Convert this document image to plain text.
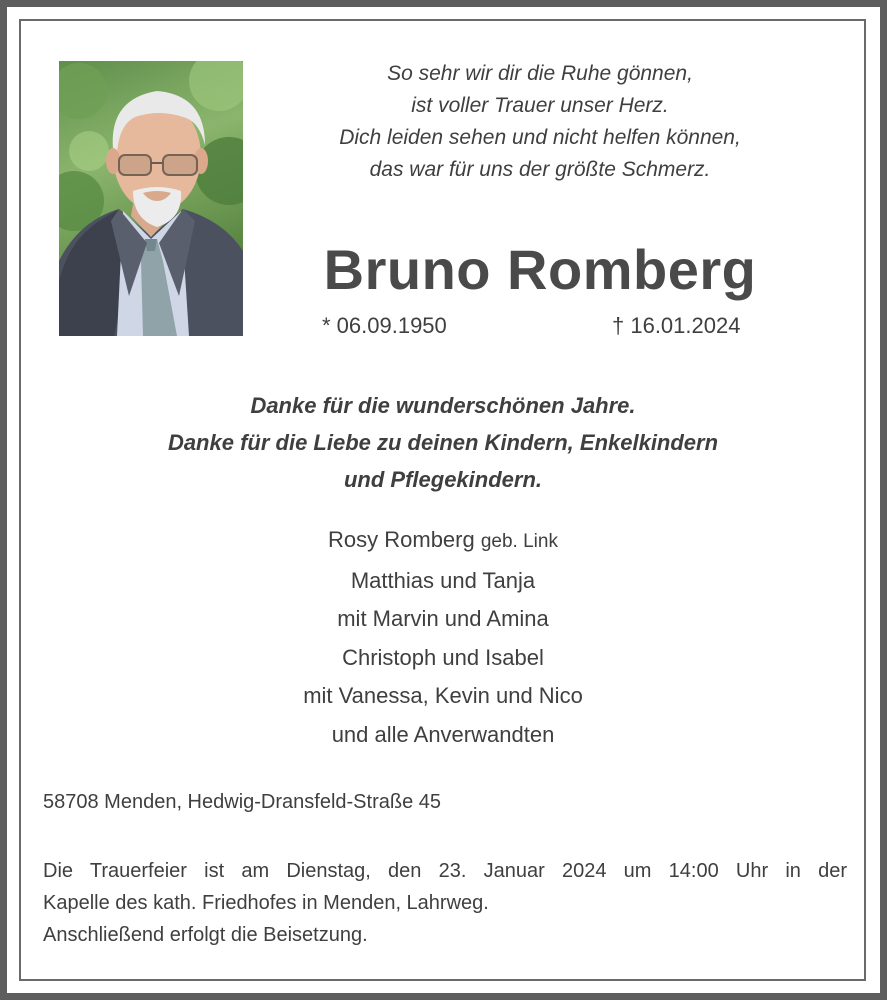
So sehr wir dir die Ruhe gönnen,
ist voller Trauer unser Herz.
Dich leiden sehen und nicht helfen können,
das war für uns der größte Schmerz.
Bruno Romberg
* 06.09.1950	† 16.01.2024
Danke für die wunderschönen Jahre.
Danke für die Liebe zu deinen Kindern, Enkelkindern
und Pflegekindern.
Rosy Romberg geb. Link
Matthias und Tanja
mit Marvin und Amina
Christoph und Isabel
mit Vanessa, Kevin und Nico
und alle Anverwandten
58708 Menden, Hedwig-Dransfeld-Straße 45
Die Trauerfeier ist am Dienstag, den 23. Januar 2024 um 14:00 Uhr in der
Kapelle des kath. Friedhofes in Menden, Lahrweg.
Anschließend erfolgt die Beisetzung.
